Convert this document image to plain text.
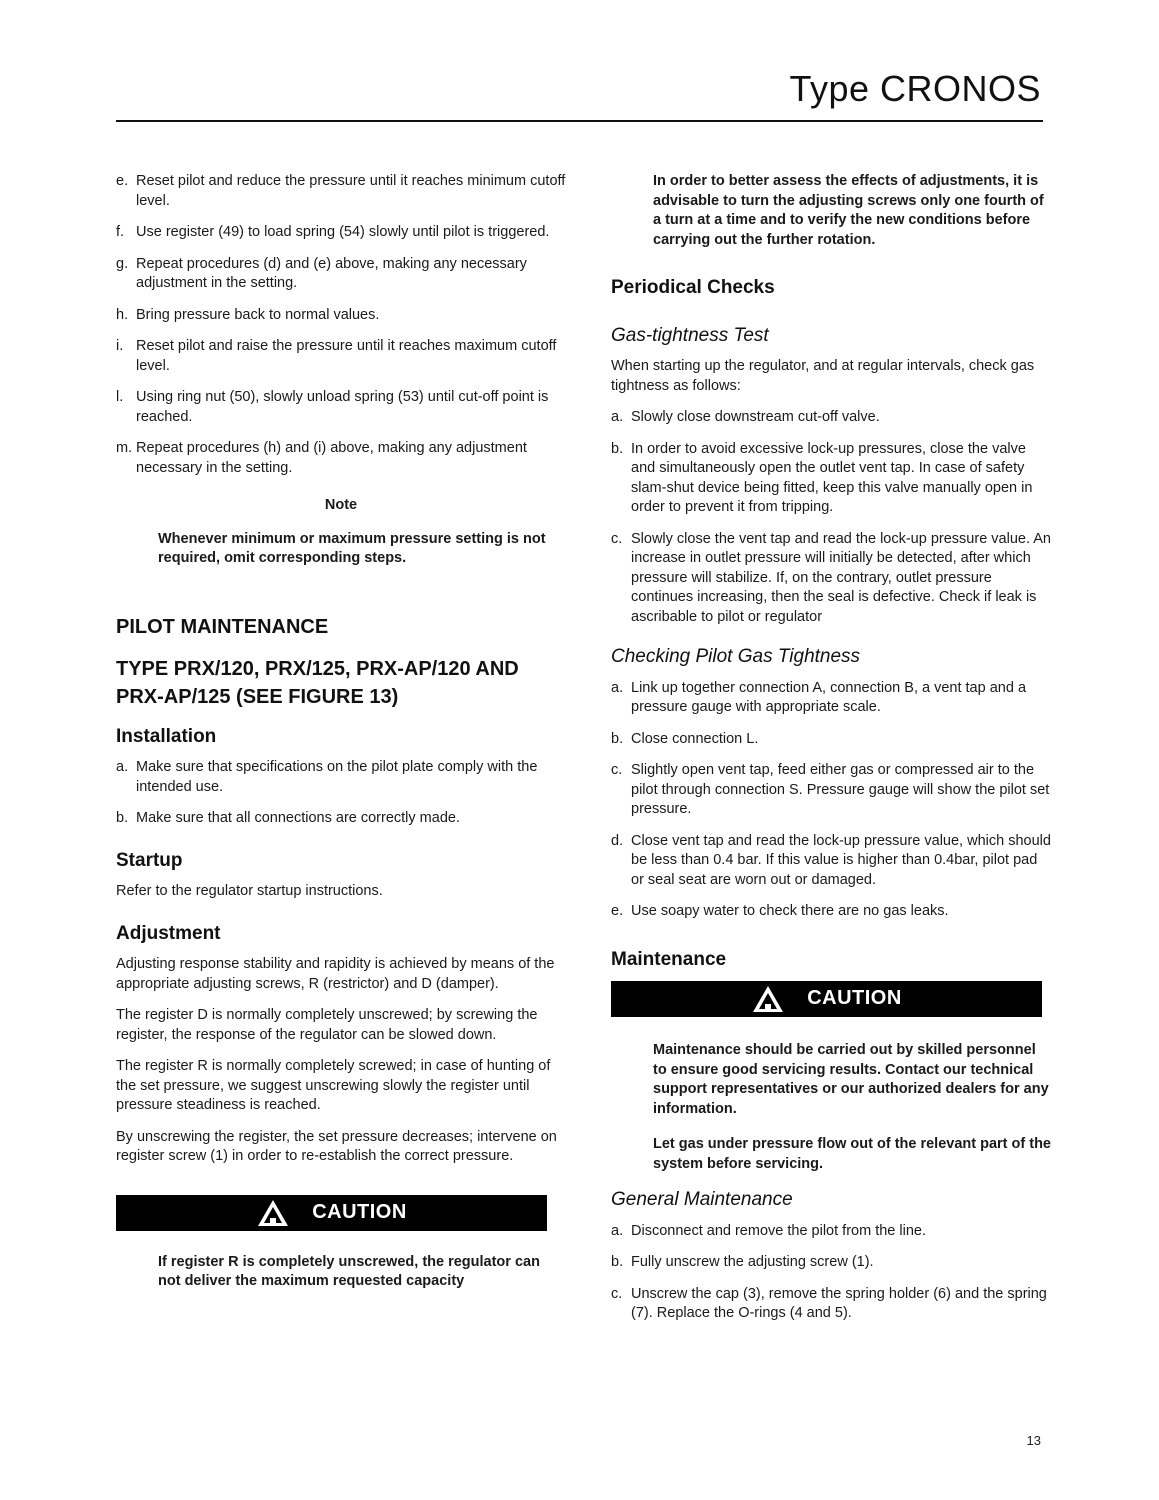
Type CRONOS
e. Reset pilot and reduce the pressure until it reaches minimum cutoff level.
f. Use register (49) to load spring (54) slowly until pilot is triggered.
g. Repeat procedures (d) and (e) above, making any necessary adjustment in the setting.
h. Bring pressure back to normal values.
i. Reset pilot and raise the pressure until it reaches maximum cutoff level.
l. Using ring nut (50), slowly unload spring (53) until cut-off point is reached.
m. Repeat procedures (h) and (i) above, making any adjustment necessary in the setting.
Note
Whenever minimum or maximum pressure setting is not required, omit corresponding steps.
PILOT MAINTENANCE
TYPE PRX/120, PRX/125, PRX-AP/120 AND PRX-AP/125 (SEE FIGURE 13)
Installation
a. Make sure that specifications on the pilot plate comply with the intended use.
b. Make sure that all connections are correctly made.
Startup

Refer to the regulator startup instructions.

Adjustment

Adjusting response stability and rapidity is achieved by means of the appropriate adjusting screws, R (restrictor) and D (damper).

The register D is normally completely unscrewed; by screwing the register, the response of the regulator can be slowed down.

The register R is normally completely screwed; in case of hunting of the set pressure, we suggest unscrewing slowly the register until pressure steadiness is reached.

By unscrewing the register, the set pressure decreases; intervene on register screw (1) in order to re-establish the correct pressure.

CAUTION
If register R is completely unscrewed, the regulator can not deliver the maximum requested capacity
In order to better assess the effects of adjustments, it is advisable to turn the adjusting screws only one fourth of a turn at a time and to verify the new conditions before carrying out the further rotation.
Periodical Checks
Gas-tightness Test

When starting up the regulator, and at regular intervals, check gas tightness as follows:

a. Slowly close downstream cut-off valve.
b. In order to avoid excessive lock-up pressures, close the valve and simultaneously open the outlet vent tap. In case of safety slam-shut device being fitted, keep this valve manually open in order to prevent it from tripping.
c. Slowly close the vent tap and read the lock-up pressure value. An increase in outlet pressure will initially be detected, after which pressure will stabilize. If, on the contrary, outlet pressure continues increasing, then the seal is defective. Check if leak is ascribable to pilot or regulator
Checking Pilot Gas Tightness
a. Link up together connection A, connection B, a vent tap and a pressure gauge with appropriate scale.
b. Close connection L.
c. Slightly open vent tap, feed either gas or compressed air to the pilot through connection S. Pressure gauge will show the pilot set pressure.
d. Close vent tap and read the lock-up pressure value, which should be less than 0.4 bar. If this value is higher than 0.4bar, pilot pad or seal seat are worn out or damaged.
e. Use soapy water to check there are no gas leaks.
Maintenance
CAUTION
Maintenance should be carried out by skilled personnel to ensure good servicing results. Contact our technical support representatives or our authorized dealers for any information.
Let gas under pressure flow out of the relevant part of the system before servicing.
General Maintenance
a. Disconnect and remove the pilot from the line.
b. Fully unscrew the adjusting screw (1).
c. Unscrew the cap (3), remove the spring holder (6) and the spring (7). Replace the O-rings (4 and 5).
13
